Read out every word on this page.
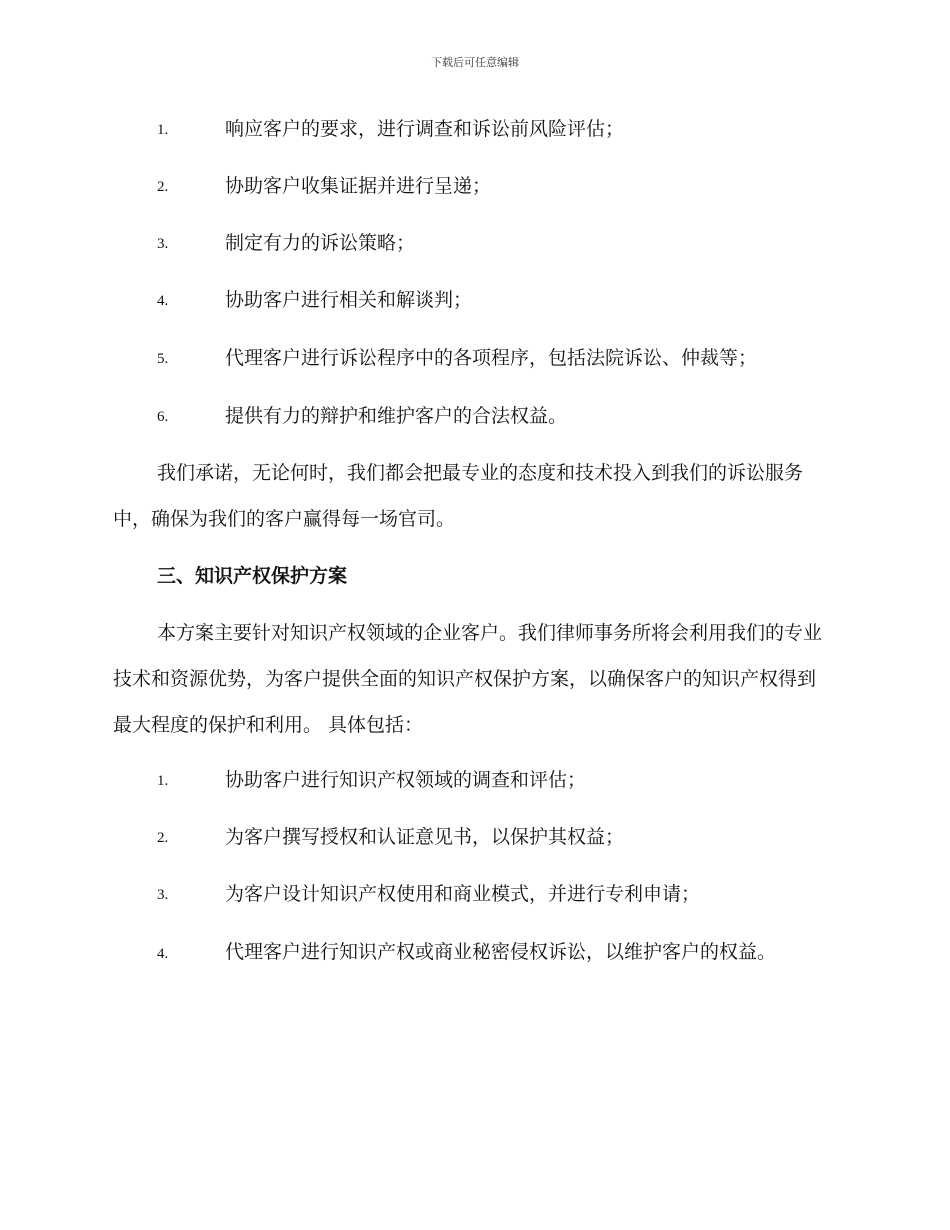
下载后可任意编辑
1.	响应客户的要求，进行调查和诉讼前风险评估；
2.	协助客户收集证据并进行呈递；
3.	制定有力的诉讼策略；
4.	协助客户进行相关和解谈判；
5.	代理客户进行诉讼程序中的各项程序，包括法院诉讼、仲裁等；
6.	提供有力的辩护和维护客户的合法权益。
我们承诺，无论何时，我们都会把最专业的态度和技术投入到我们的诉讼服务中，确保为我们的客户赢得每一场官司。
三、知识产权保护方案
本方案主要针对知识产权领域的企业客户。我们律师事务所将会利用我们的专业技术和资源优势，为客户提供全面的知识产权保护方案，以确保客户的知识产权得到最大程度的保护和利用。 具体包括：
1.	协助客户进行知识产权领域的调查和评估；
2.	为客户撰写授权和认证意见书，以保护其权益；
3.	为客户设计知识产权使用和商业模式，并进行专利申请；
4.	代理客户进行知识产权或商业秘密侵权诉讼，以维护客户的权益。
